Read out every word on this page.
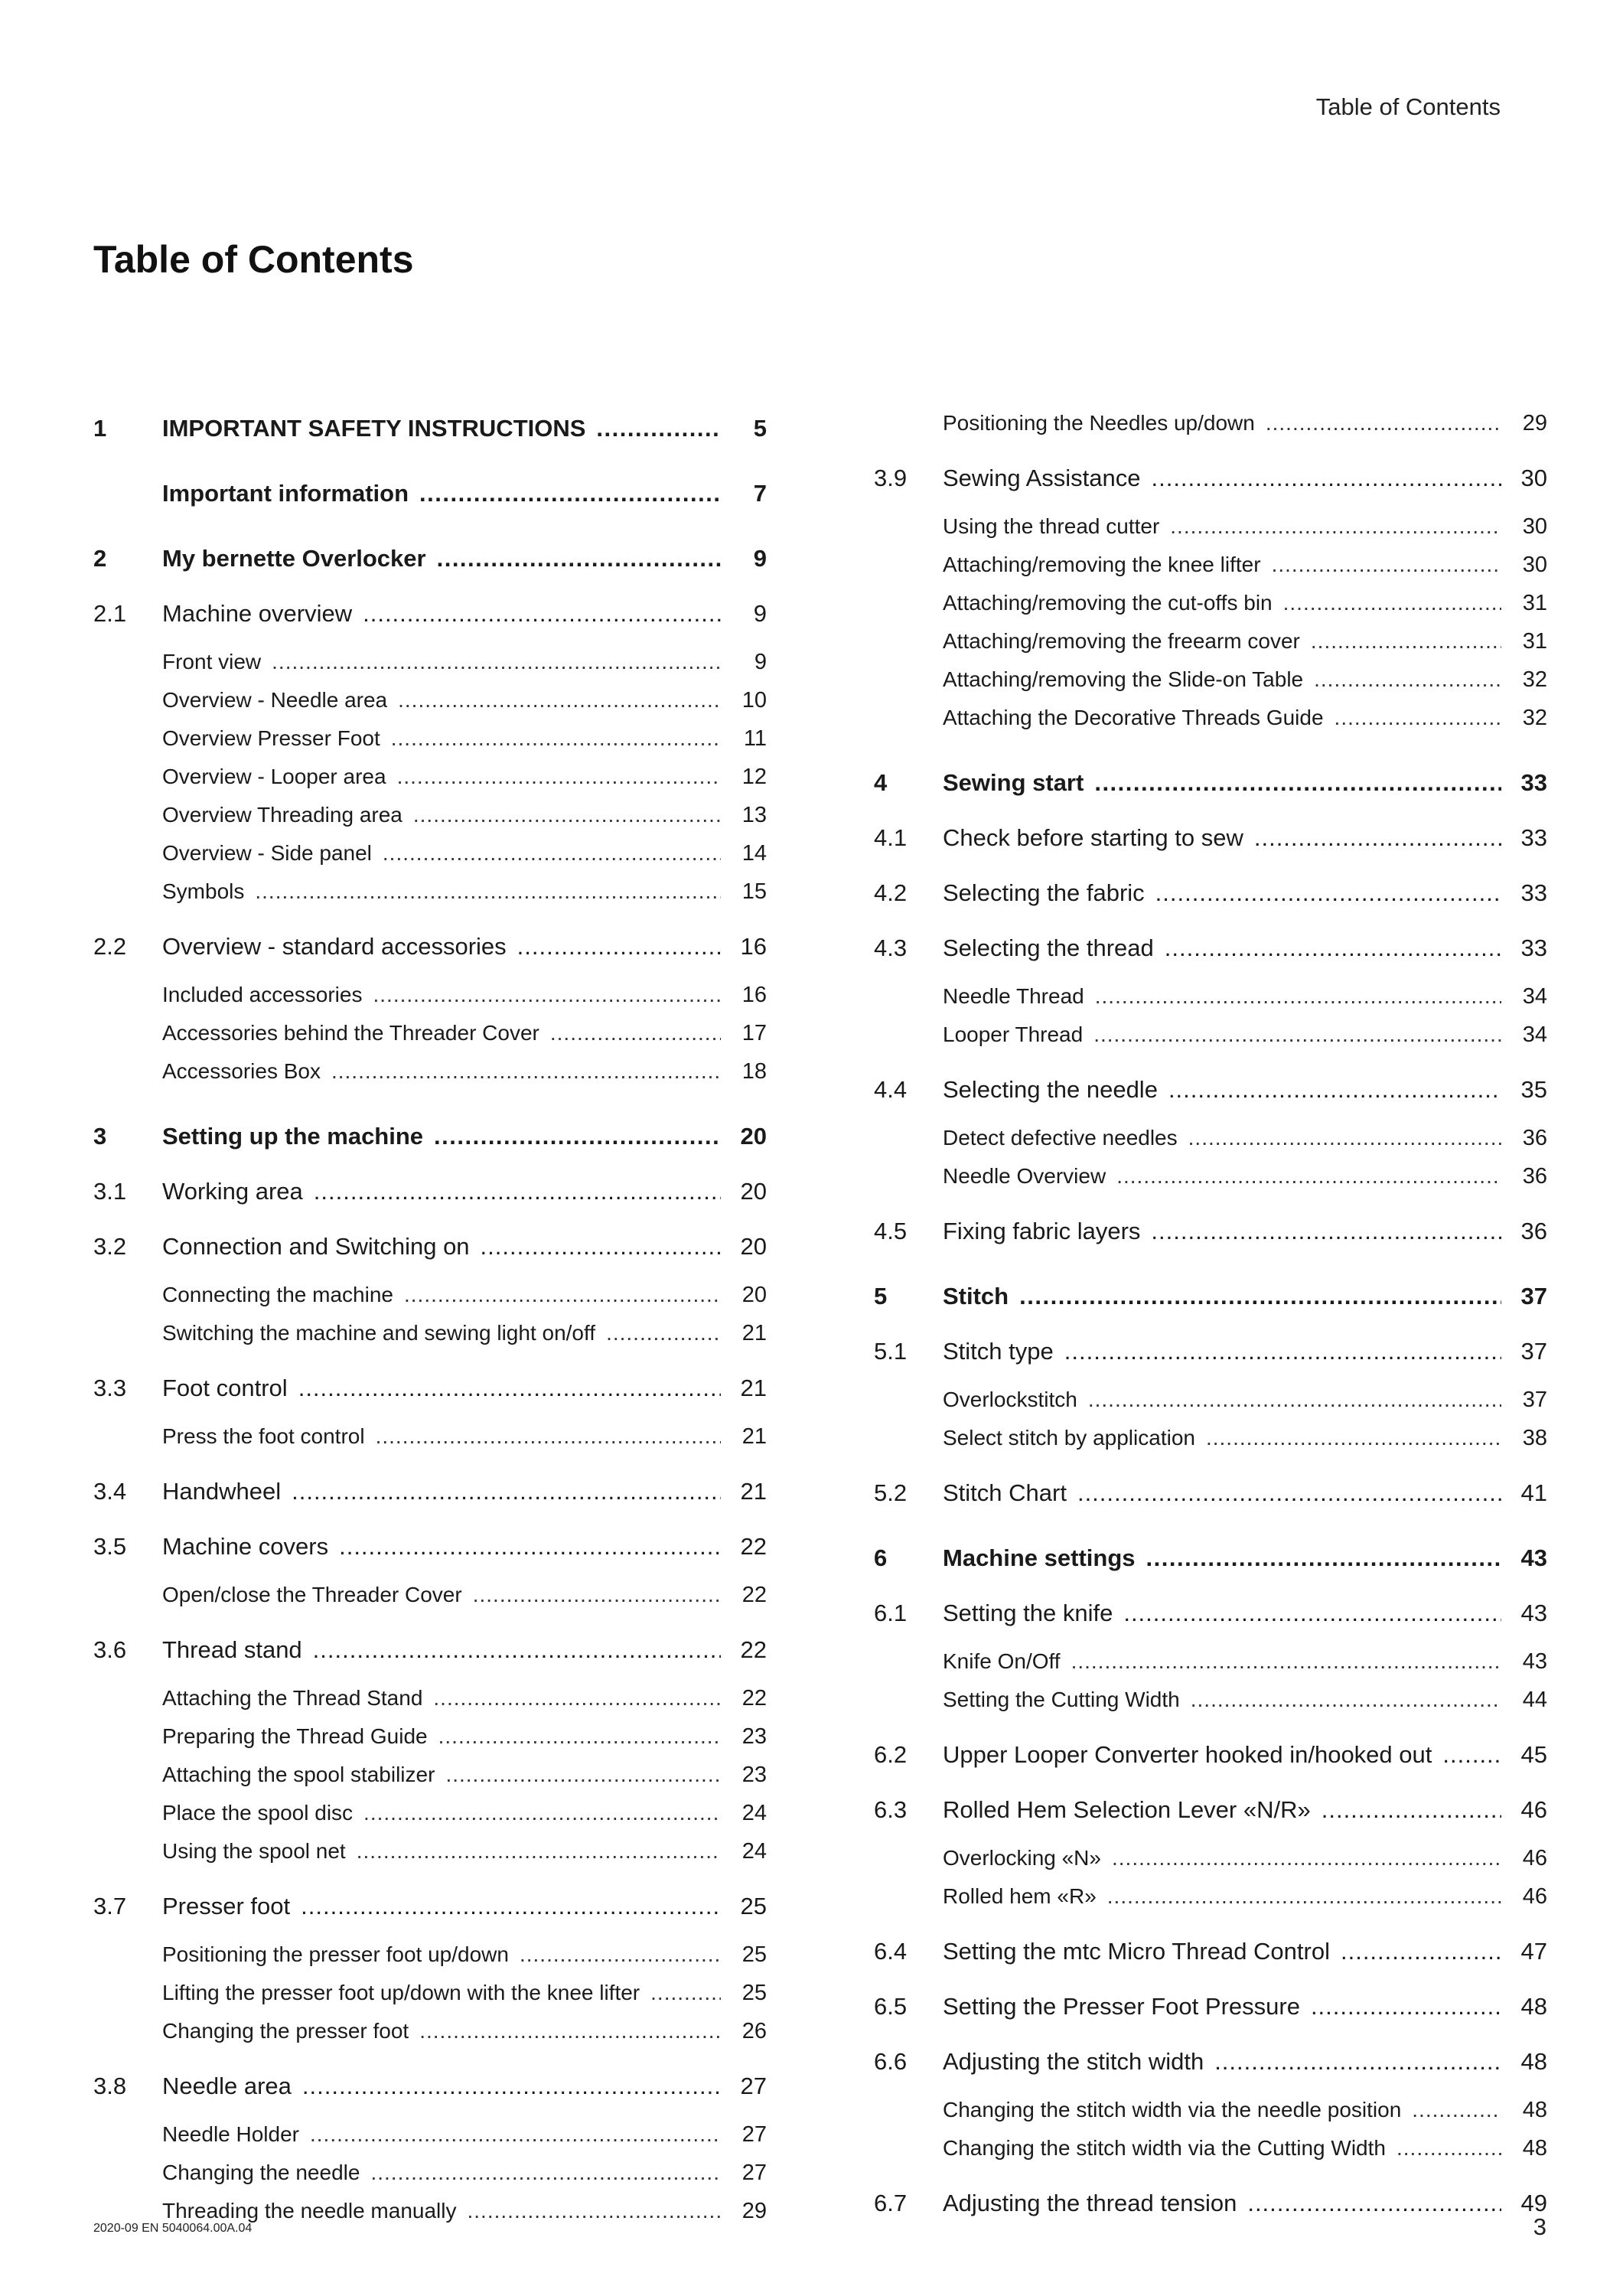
Table of Contents
Table of Contents
1	IMPORTANT SAFETY INSTRUCTIONS .....	5
Important information .....	7
2	My bernette Overlocker .....	9
2.1	Machine overview .....	9
Front view .....	9
Overview - Needle area .....	10
Overview Presser Foot .....	11
Overview - Looper area .....	12
Overview Threading area .....	13
Overview - Side panel .....	14
Symbols .....	15
2.2	Overview - standard accessories .....	16
Included accessories .....	16
Accessories behind the Threader Cover .....	17
Accessories Box .....	18
3	Setting up the machine .....	20
3.1	Working area .....	20
3.2	Connection and Switching on .....	20
Connecting the machine .....	20
Switching the machine and sewing light on/off .....	21
3.3	Foot control .....	21
Press the foot control .....	21
3.4	Handwheel .....	21
3.5	Machine covers .....	22
Open/close the Threader Cover .....	22
3.6	Thread stand .....	22
Attaching the Thread Stand .....	22
Preparing the Thread Guide .....	23
Attaching the spool stabilizer .....	23
Place the spool disc .....	24
Using the spool net .....	24
3.7	Presser foot .....	25
Positioning the presser foot up/down .....	25
Lifting the presser foot up/down with the knee lifter .....	25
Changing the presser foot .....	26
3.8	Needle area .....	27
Needle Holder .....	27
Changing the needle .....	27
Threading the needle manually .....	29
Positioning the Needles up/down .....	29
3.9	Sewing Assistance .....	30
Using the thread cutter .....	30
Attaching/removing the knee lifter .....	30
Attaching/removing the cut-offs bin .....	31
Attaching/removing the freearm cover .....	31
Attaching/removing the Slide-on Table .....	32
Attaching the Decorative Threads Guide .....	32
4	Sewing start .....	33
4.1	Check before starting to sew .....	33
4.2	Selecting the fabric .....	33
4.3	Selecting the thread .....	33
Needle Thread .....	34
Looper Thread .....	34
4.4	Selecting the needle .....	35
Detect defective needles .....	36
Needle Overview .....	36
4.5	Fixing fabric layers .....	36
5	Stitch .....	37
5.1	Stitch type .....	37
Overlockstitch .....	37
Select stitch by application .....	38
5.2	Stitch Chart .....	41
6	Machine settings .....	43
6.1	Setting the knife .....	43
Knife On/Off .....	43
Setting the Cutting Width .....	44
6.2	Upper Looper Converter hooked in/hooked out .....	45
6.3	Rolled Hem Selection Lever «N/R» .....	46
Overlocking «N» .....	46
Rolled hem «R» .....	46
6.4	Setting the mtc Micro Thread Control .....	47
6.5	Setting the Presser Foot Pressure .....	48
6.6	Adjusting the stitch width .....	48
Changing the stitch width via the needle position .....	48
Changing the stitch width via the Cutting Width .....	48
6.7	Adjusting the thread tension .....	49
2020-09 EN 5040064.00A.04	3
